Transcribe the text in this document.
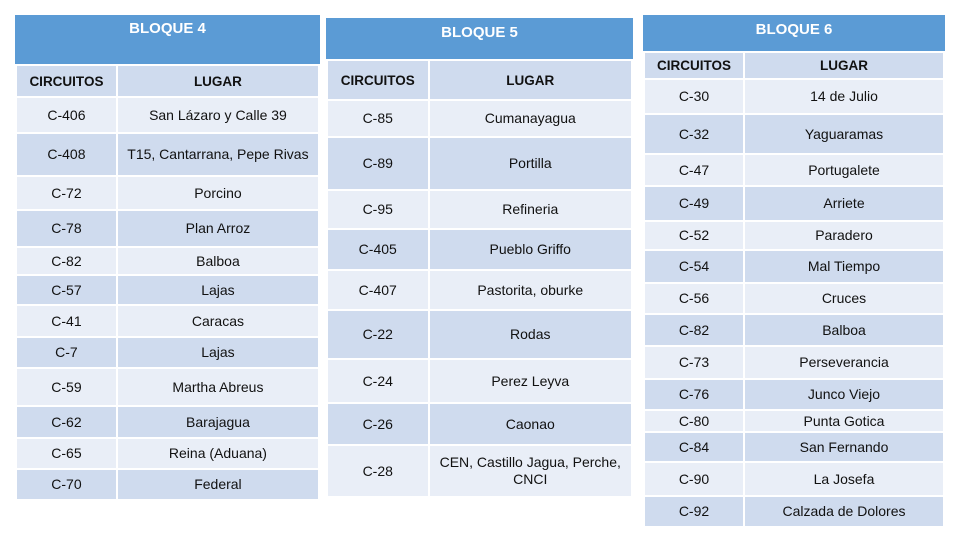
BLOQUE 4
CIRCUITOS	LUGAR
C-406	San Lázaro y Calle 39
C-408	T15, Cantarrana, Pepe Rivas
C-72	Porcino
C-78	Plan Arroz
C-82	Balboa
C-57	Lajas
C-41	Caracas
C-7	Lajas
C-59	Martha Abreus
C-62	Barajagua
C-65	Reina (Aduana)
C-70	Federal
BLOQUE 5
CIRCUITOS	LUGAR
C-85	Cumanayagua
C-89	Portilla
C-95	Refineria
C-405	Pueblo Griffo
C-407	Pastorita, oburke
C-22	Rodas
C-24	Perez Leyva
C-26	Caonao
C-28	CEN, Castillo Jagua, Perche, CNCI
BLOQUE 6
CIRCUITOS	LUGAR
C-30	14 de Julio
C-32	Yaguaramas
C-47	Portugalete
C-49	Arriete
C-52	Paradero
C-54	Mal Tiempo
C-56	Cruces
C-82	Balboa
C-73	Perseverancia
C-76	Junco Viejo
C-80	Punta Gotica
C-84	San Fernando
C-90	La Josefa
C-92	Calzada de Dolores
